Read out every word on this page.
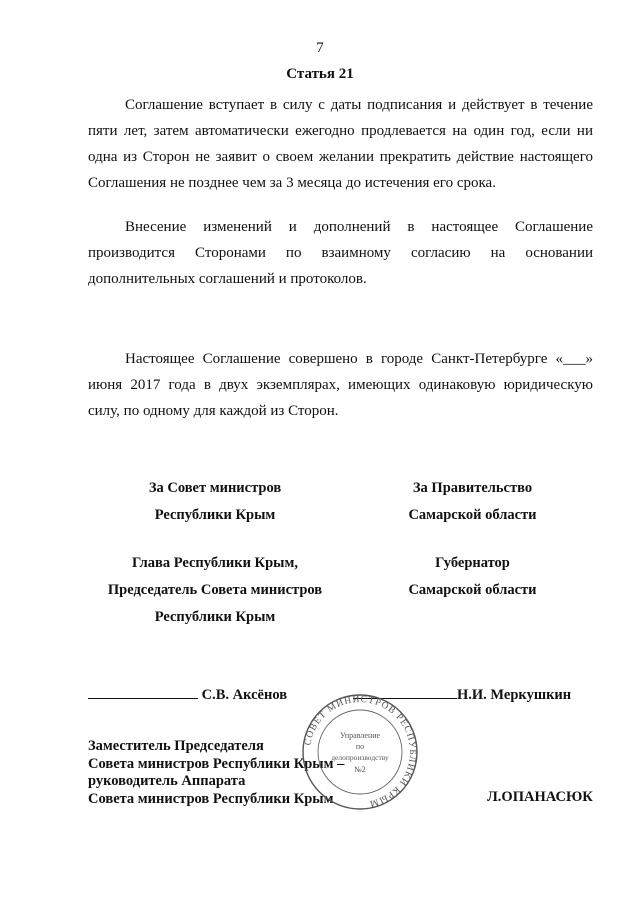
7
Статья 21
Соглашение вступает в силу с даты подписания и действует в течение пяти лет, затем автоматически ежегодно продлевается на один год, если ни одна из Сторон не заявит о своем желании прекратить действие настоящего Соглашения не позднее чем за 3 месяца до истечения его срока.
Внесение изменений и дополнений в настоящее Соглашение производится Сторонами по взаимному согласию на основании дополнительных соглашений и протоколов.
Настоящее Соглашение совершено в городе Санкт-Петербурге «___» июня 2017 года в двух экземплярах, имеющих одинаковую юридическую силу, по одному для каждой из Сторон.
За Совет министров
Республики Крым
За Правительство
Самарской области
Глава Республики Крым,
Председатель Совета министров
Республики Крым
Губернатор
Самарской области
С.В. Аксёнов	Н.И. Меркушкин
Заместитель Председателя
Совета министров Республики Крым –
руководитель Аппарата
Совета министров Республики Крым	Л.ОПАНАСЮК
СОВЕТ МИНИСТРОВ РЕСПУБЛИКИ КРЫМ
Управление
по
делопроизводству
№2
